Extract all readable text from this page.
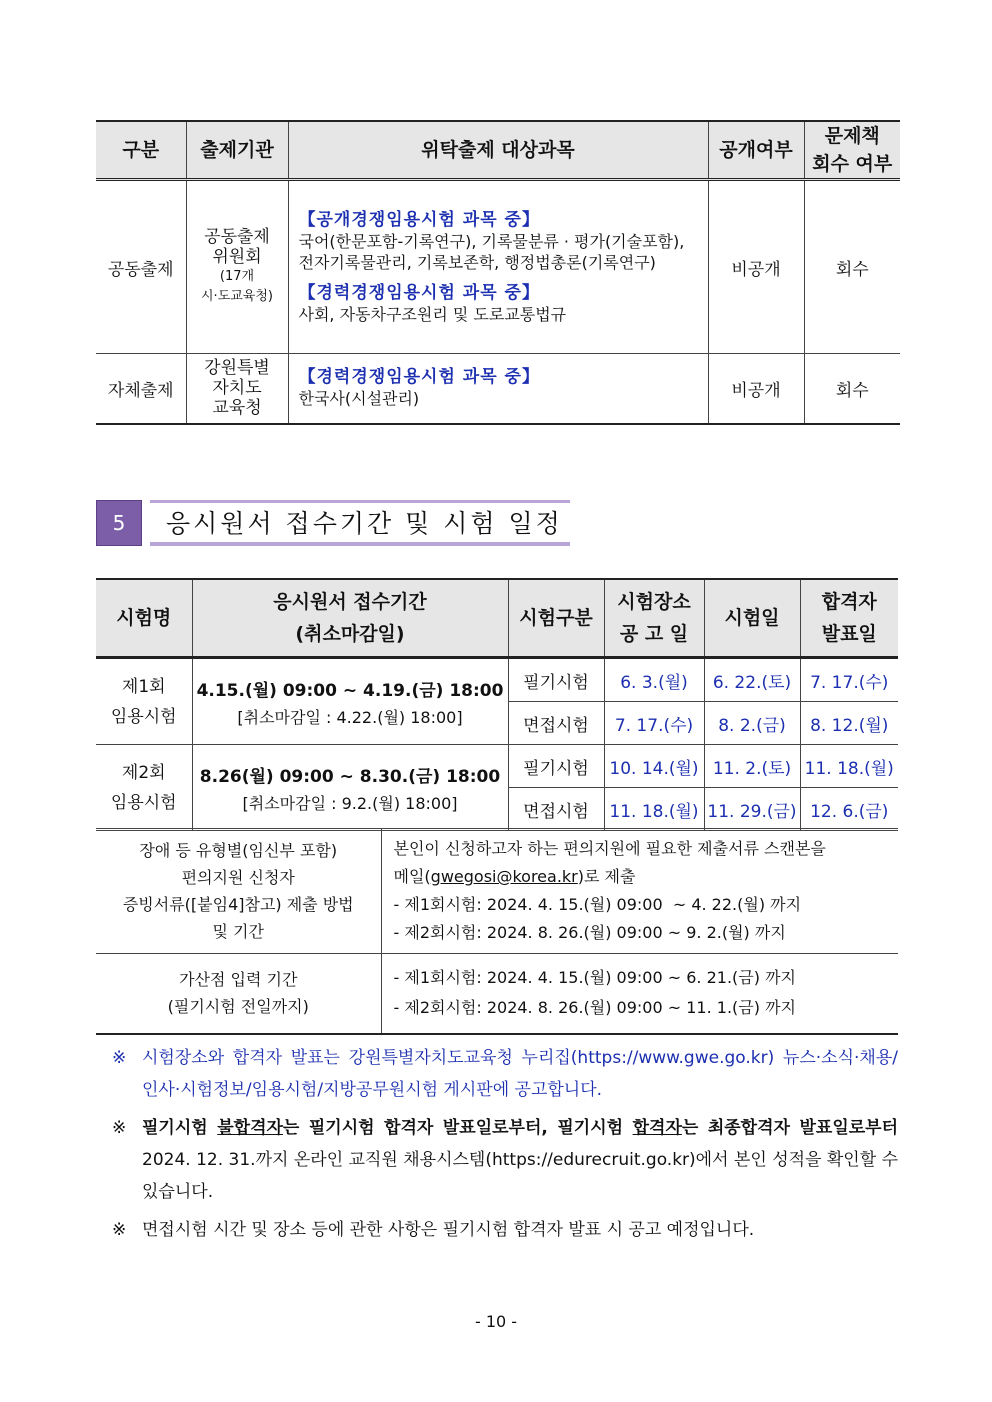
구분	출제기관	위탁출제 대상과목	공개여부	문제책
회수 여부

공동출제	공동출제
위원회
(17개
시·도교육청)	【공개경쟁임용시험 과목 중】
국어(한문포함-기록연구), 기록물분류 · 평가(기술포함),
전자기록물관리, 기록보존학, 행정법총론(기록연구)
【경력경쟁임용시험 과목 중】
사회, 자동차구조원리 및 도로교통법규	비공개	회수
자체출제	강원특별
자치도
교육청	【경력경쟁임용시험 과목 중】
한국사(시설관리)	비공개	회수
5	응시원서 접수기간 및 시험 일정
시험명	응시원서 접수기간
(취소마감일)	시험구분	시험장소
공 고 일	시험일	합격자
발표일

제1회
임용시험	4.15.(월) 09:00 ~ 4.19.(금) 18:00
[취소마감일 : 4.22.(월) 18:00]	필기시험	6. 3.(월)	6. 22.(토)	7. 17.(수)
		면접시험	7. 17.(수)	8. 2.(금)	8. 12.(월)

제2회
임용시험	8.26(월) 09:00 ~ 8.30.(금) 18:00
[취소마감일 : 9.2.(월) 18:00]	필기시험	10. 14.(월)	11. 2.(토)	11. 18.(월)
		면접시험	11. 18.(월)	11. 29.(금)	12. 6.(금)
장애 등 유형별(임신부 포함)
편의지원 신청자
증빙서류([붙임4]참고) 제출 방법
및 기간	본인이 신청하고자 하는 편의지원에 필요한 제출서류 스캔본을
메일(gwegosi@korea.kr)로 제출
- 제1회시험: 2024. 4. 15.(월) 09:00  ~ 4. 22.(월) 까지
- 제2회시험: 2024. 8. 26.(월) 09:00 ~ 9. 2.(월) 까지

가산점 입력 기간
(필기시험 전일까지)	- 제1회시험: 2024. 4. 15.(월) 09:00 ~ 6. 21.(금) 까지
- 제2회시험: 2024. 8. 26.(월) 09:00 ~ 11. 1.(금) 까지
※ 시험장소와 합격자 발표는 강원특별자치도교육청 누리집(https://www.gwe.go.kr) 뉴스·소식·채용/인사·시험정보/임용시험/지방공무원시험 게시판에 공고합니다.
※ 필기시험 불합격자는 필기시험 합격자 발표일로부터, 필기시험 합격자는 최종합격자 발표일로부터 2024. 12. 31.까지 온라인 교직원 채용시스템(https://edurecruit.go.kr)에서 본인 성적을 확인할 수 있습니다.
※ 면접시험 시간 및 장소 등에 관한 사항은 필기시험 합격자 발표 시 공고 예정입니다.
- 10 -
